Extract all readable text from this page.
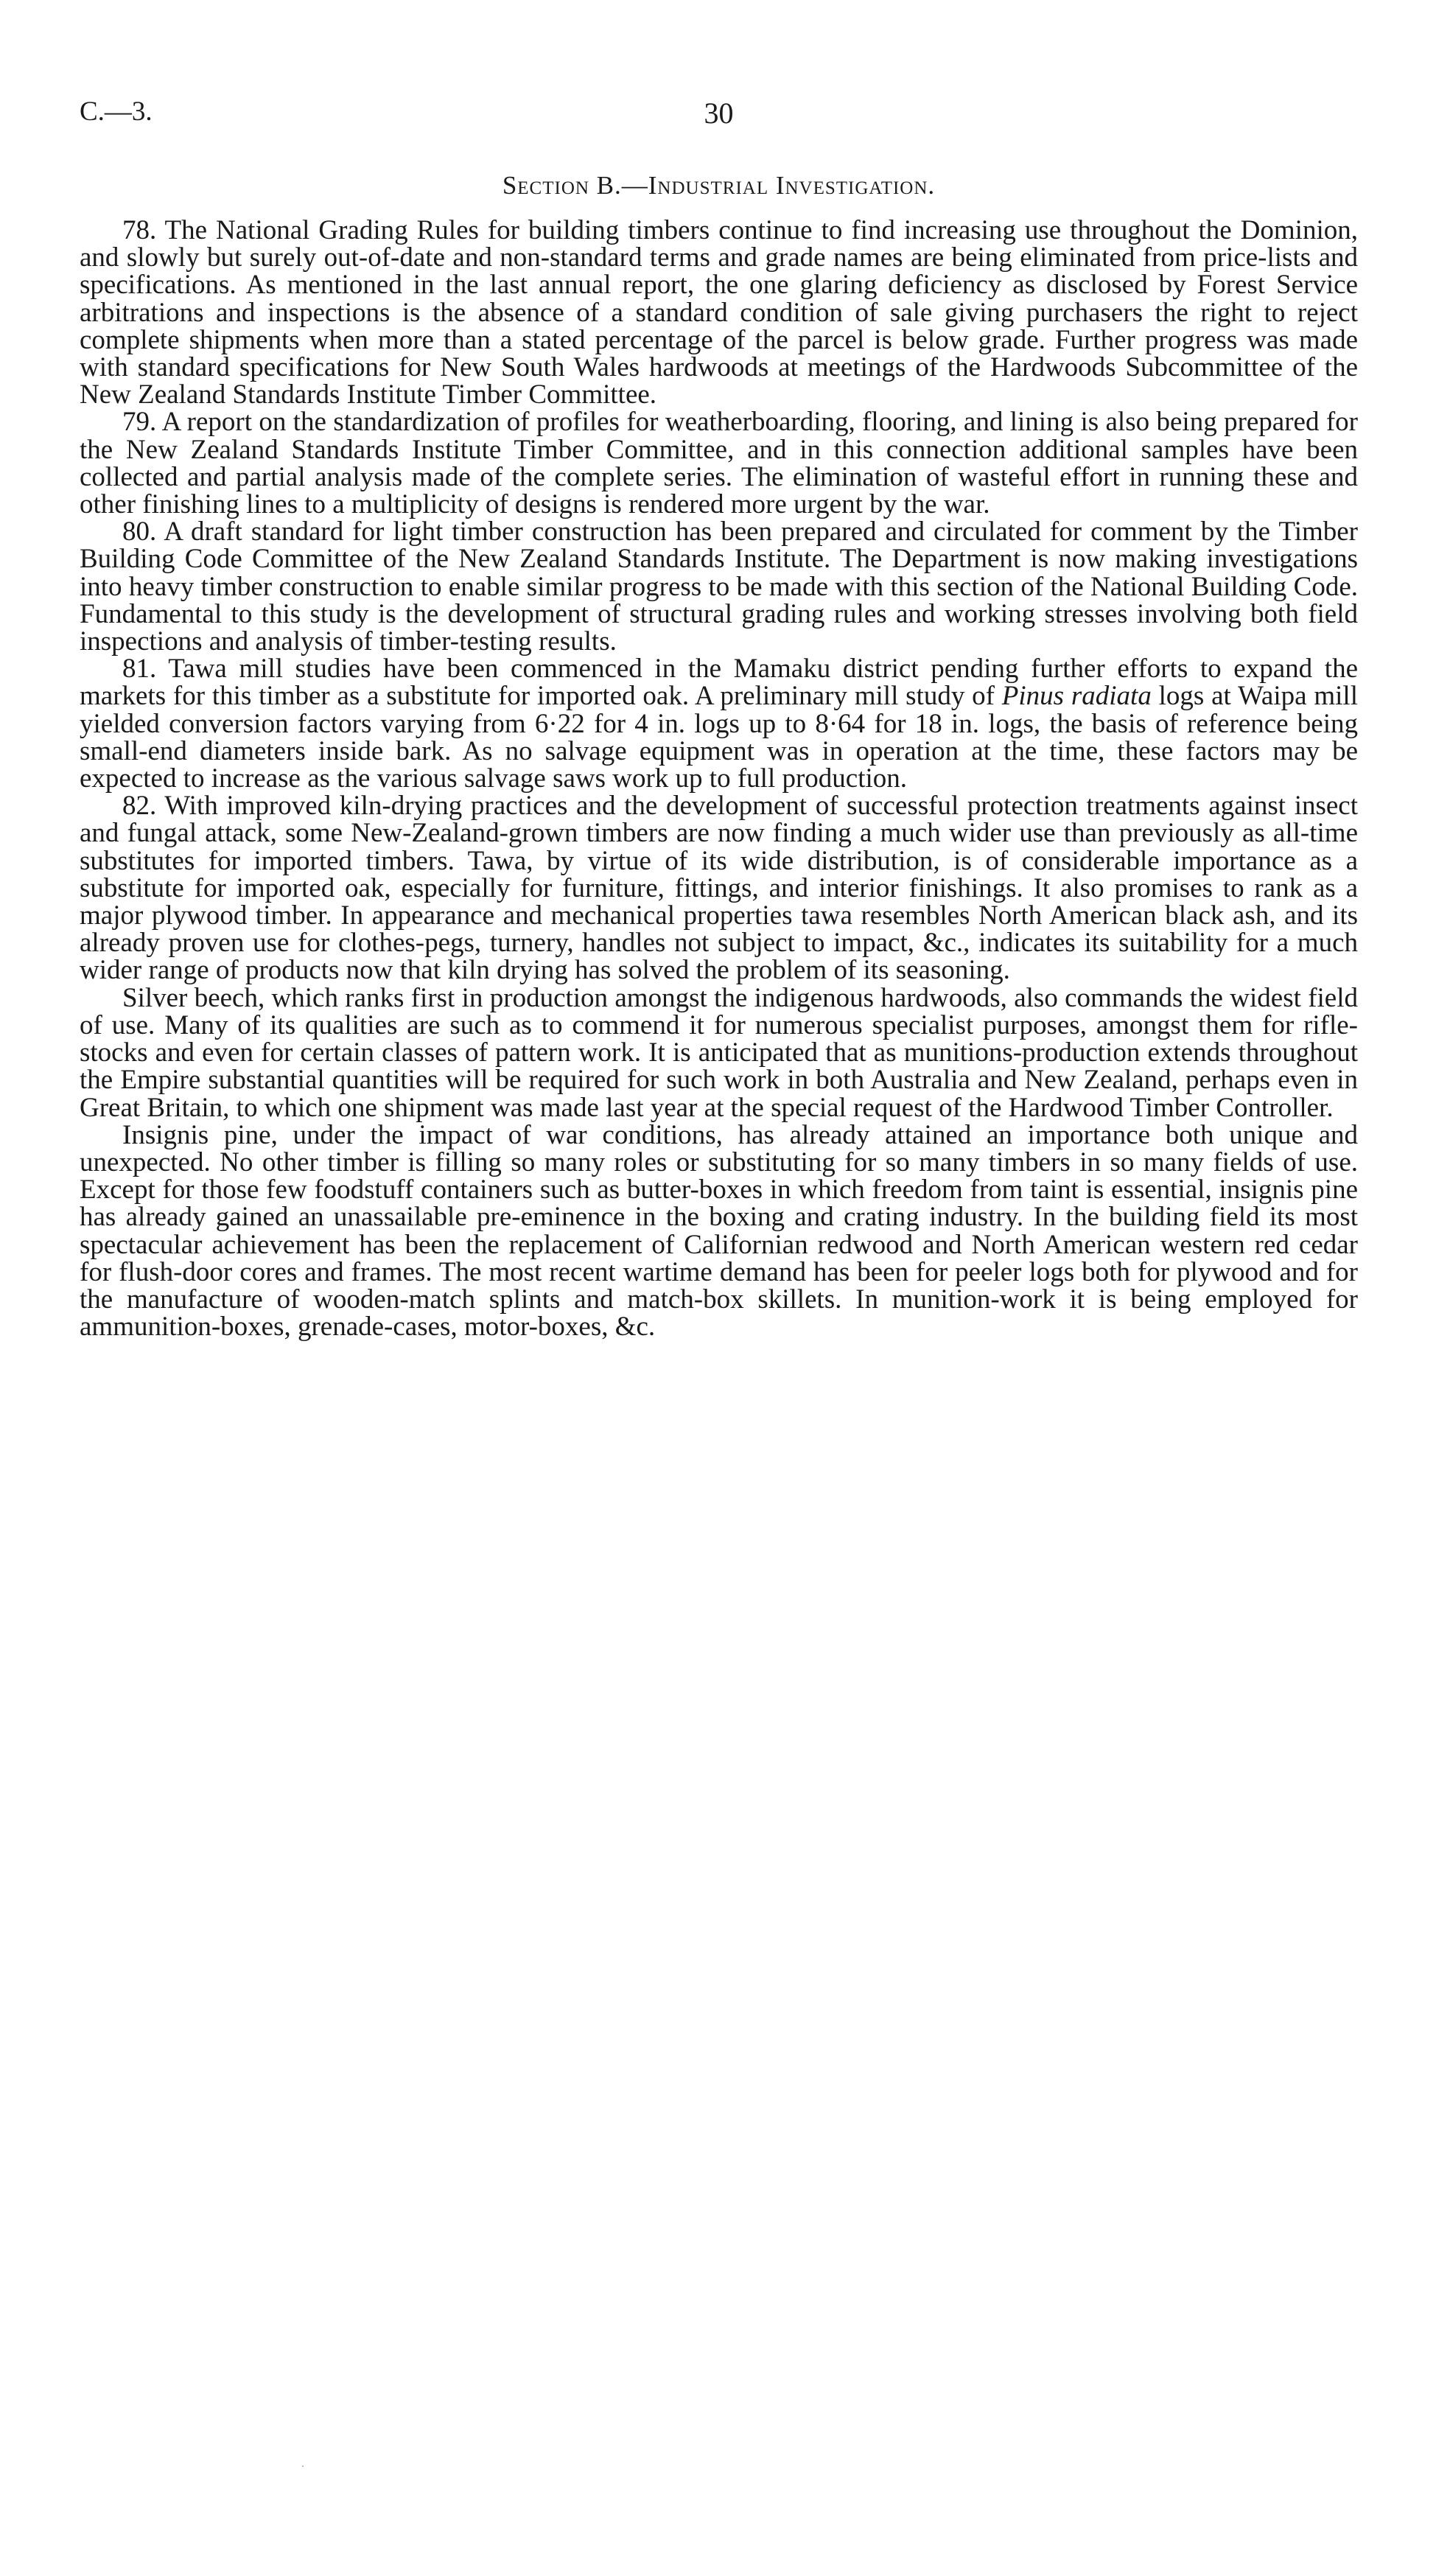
C.—3.	30
Section B.—Industrial Investigation.

78. The National Grading Rules for building timbers continue to find increasing use throughout the Dominion, and slowly but surely out-of-date and non-standard terms and grade names are being eliminated from price-lists and specifications. As mentioned in the last annual report, the one glaring deficiency as disclosed by Forest Service arbitrations and inspections is the absence of a standard condition of sale giving purchasers the right to reject complete shipments when more than a stated percentage of the parcel is below grade. Further progress was made with standard specifications for New South Wales hardwoods at meetings of the Hardwoods Subcommittee of the New Zealand Standards Institute Timber Committee.

79. A report on the standardization of profiles for weatherboarding, flooring, and lining is also being prepared for the New Zealand Standards Institute Timber Committee, and in this connection additional samples have been collected and partial analysis made of the complete series. The elimination of wasteful effort in running these and other finishing lines to a multiplicity of designs is rendered more urgent by the war.

80. A draft standard for light timber construction has been prepared and circulated for comment by the Timber Building Code Committee of the New Zealand Standards Institute. The Department is now making investigations into heavy timber construction to enable similar progress to be made with this section of the National Building Code. Fundamental to this study is the development of structural grading rules and working stresses involving both field inspections and analysis of timber-testing results.

81. Tawa mill studies have been commenced in the Mamaku district pending further efforts to expand the markets for this timber as a substitute for imported oak. A preliminary mill study of Pinus radiata logs at Waipa mill yielded conversion factors varying from 6·22 for 4 in. logs up to 8·64 for 18 in. logs, the basis of reference being small-end diameters inside bark. As no salvage equipment was in operation at the time, these factors may be expected to increase as the various salvage saws work up to full production.

82. With improved kiln-drying practices and the development of successful protection treatments against insect and fungal attack, some New-Zealand-grown timbers are now finding a much wider use than previously as all-time substitutes for imported timbers. Tawa, by virtue of its wide distribution, is of considerable importance as a substitute for imported oak, especially for furniture, fittings, and interior finishings. It also promises to rank as a major plywood timber. In appearance and mechanical properties tawa resembles North American black ash, and its already proven use for clothes-pegs, turnery, handles not subject to impact, &c., indicates its suitability for a much wider range of products now that kiln drying has solved the problem of its seasoning.

Silver beech, which ranks first in production amongst the indigenous hardwoods, also commands the widest field of use. Many of its qualities are such as to commend it for numerous specialist purposes, amongst them for rifle-stocks and even for certain classes of pattern work. It is anticipated that as munitions-production extends throughout the Empire substantial quantities will be required for such work in both Australia and New Zealand, perhaps even in Great Britain, to which one shipment was made last year at the special request of the Hardwood Timber Controller.

Insignis pine, under the impact of war conditions, has already attained an importance both unique and unexpected. No other timber is filling so many roles or substituting for so many timbers in so many fields of use. Except for those few foodstuff containers such as butter-boxes in which freedom from taint is essential, insignis pine has already gained an unassailable pre-eminence in the boxing and crating industry. In the building field its most spectacular achievement has been the replacement of Californian redwood and North American western red cedar for flush-door cores and frames. The most recent wartime demand has been for peeler logs both for plywood and for the manufacture of wooden-match splints and match-box skillets. In munition-work it is being employed for ammunition-boxes, grenade-cases, motor-boxes, &c.
